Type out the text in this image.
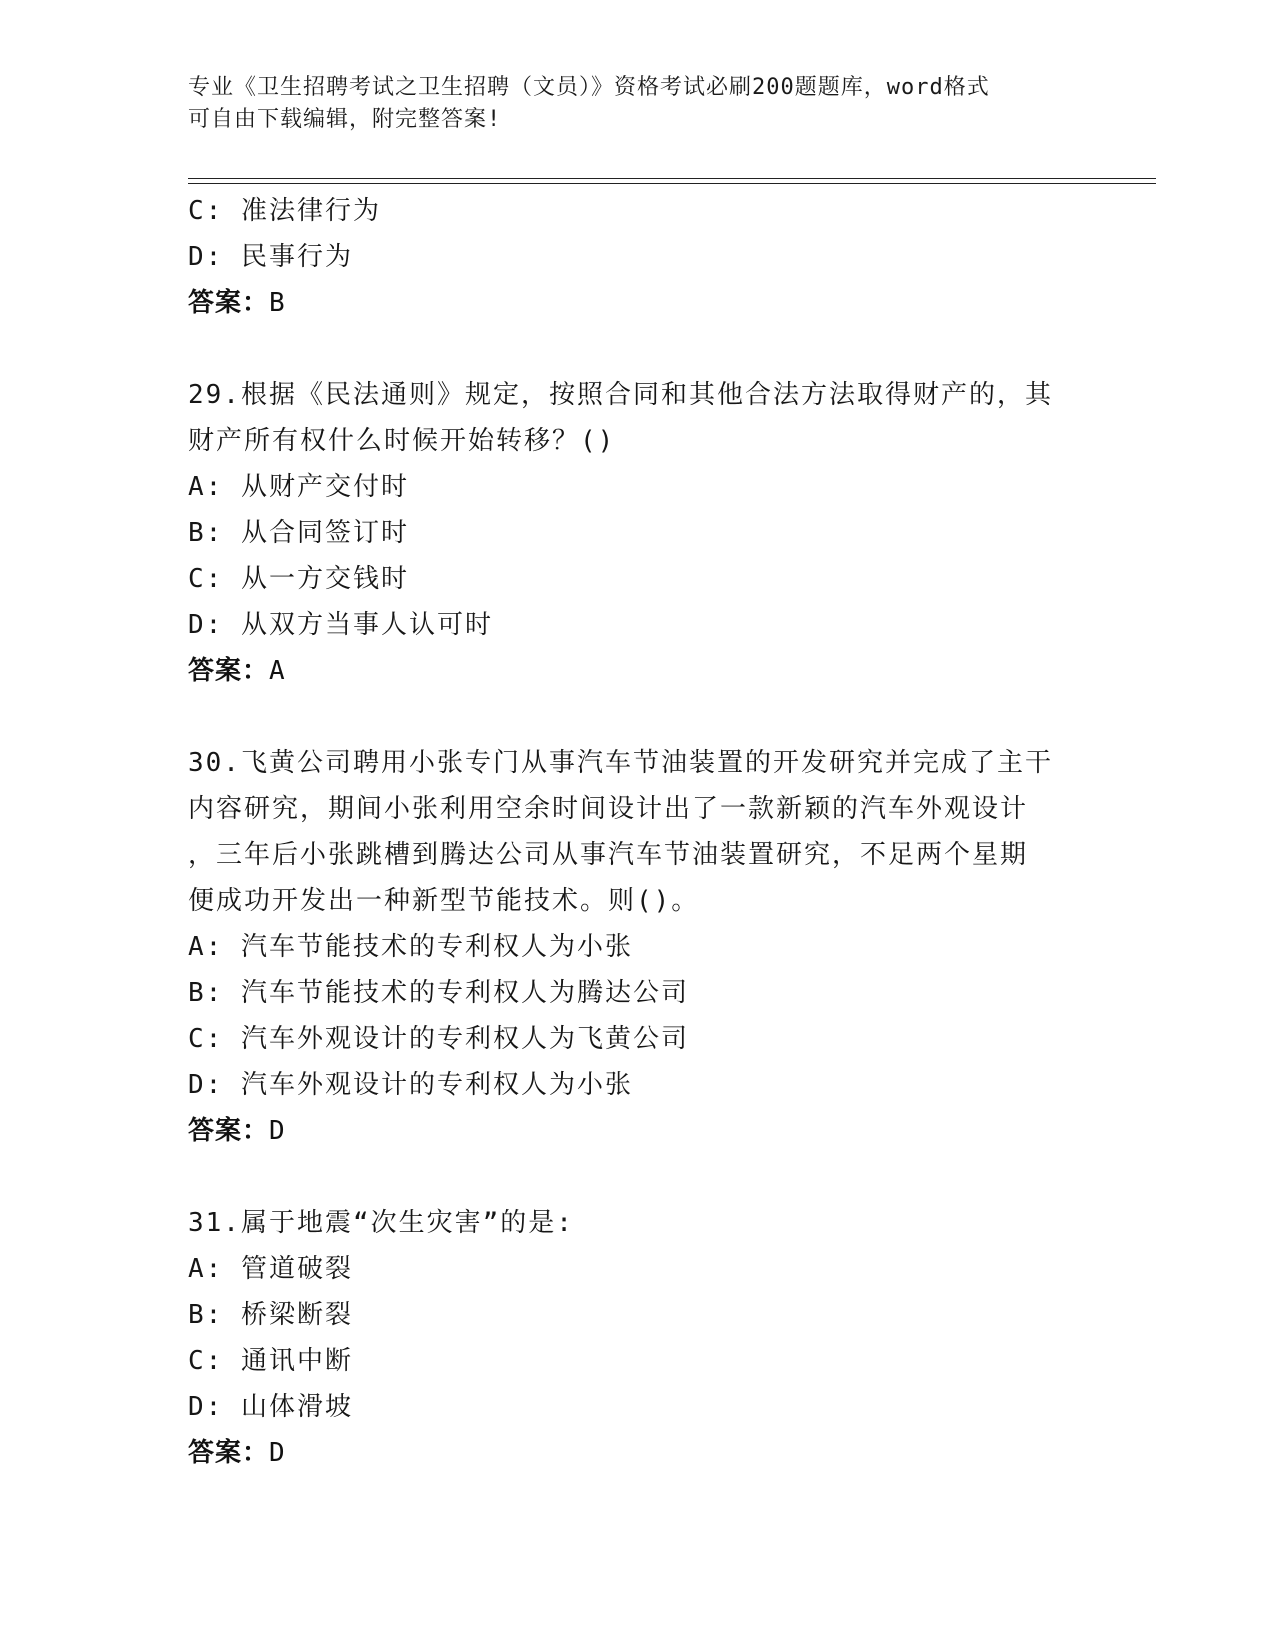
专业《卫生招聘考试之卫生招聘（文员）》资格考试必刷200题题库，word格式
可自由下载编辑，附完整答案!
C: 准法律行为
D: 民事行为
答案：B
29.根据《民法通则》规定，按照合同和其他合法方法取得财产的，其
财产所有权什么时候开始转移？()
A: 从财产交付时
B: 从合同签订时
C: 从一方交钱时
D: 从双方当事人认可时
答案：A
30.飞黄公司聘用小张专门从事汽车节油装置的开发研究并完成了主干
内容研究，期间小张利用空余时间设计出了一款新颖的汽车外观设计
，三年后小张跳槽到腾达公司从事汽车节油装置研究，不足两个星期
便成功开发出一种新型节能技术。则()。
A: 汽车节能技术的专利权人为小张
B: 汽车节能技术的专利权人为腾达公司
C: 汽车外观设计的专利权人为飞黄公司
D: 汽车外观设计的专利权人为小张
答案：D
31.属于地震“次生灾害”的是:
A: 管道破裂
B: 桥梁断裂
C: 通讯中断
D: 山体滑坡
答案：D
